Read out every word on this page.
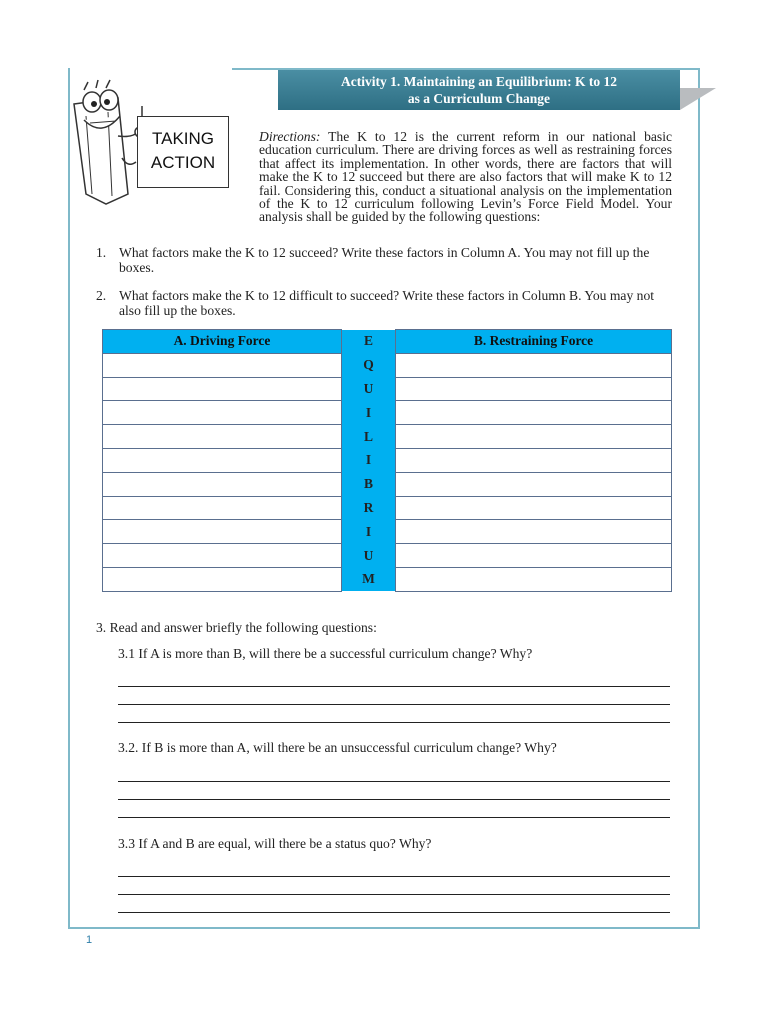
Activity 1. Maintaining an Equilibrium: K to 12
as a Curriculum Change
TAKING
ACTION
Directions: The K to 12 is the current reform in our national basic education curriculum. There are driving forces as well as restraining forces that affect its implementation. In other words, there are factors that will make the K to 12 succeed but there are also factors that will make K to 12 fail. Considering this, conduct a situational analysis on the implementation of the K to 12 curriculum following Levin’s Force Field Model. Your analysis shall be guided by the following questions:
1. What factors make the K to 12 succeed? Write these factors in Column A. You may not fill up the boxes.
2. What factors make the K to 12 difficult to succeed? Write these factors in Column B. You may not also fill up the boxes.
A. Driving Force	E	B. Restraining Force
	Q	
	U	
	I	
	L	
	I	
	B	
	R	
	I	
	U	
	M	
3. Read and answer briefly the following questions:
3.1 If A is more than B, will there be a successful curriculum change? Why?
3.2. If B is more than A, will there be an unsuccessful curriculum change? Why?
3.3 If A and B are equal, will there be a status quo? Why?
1
